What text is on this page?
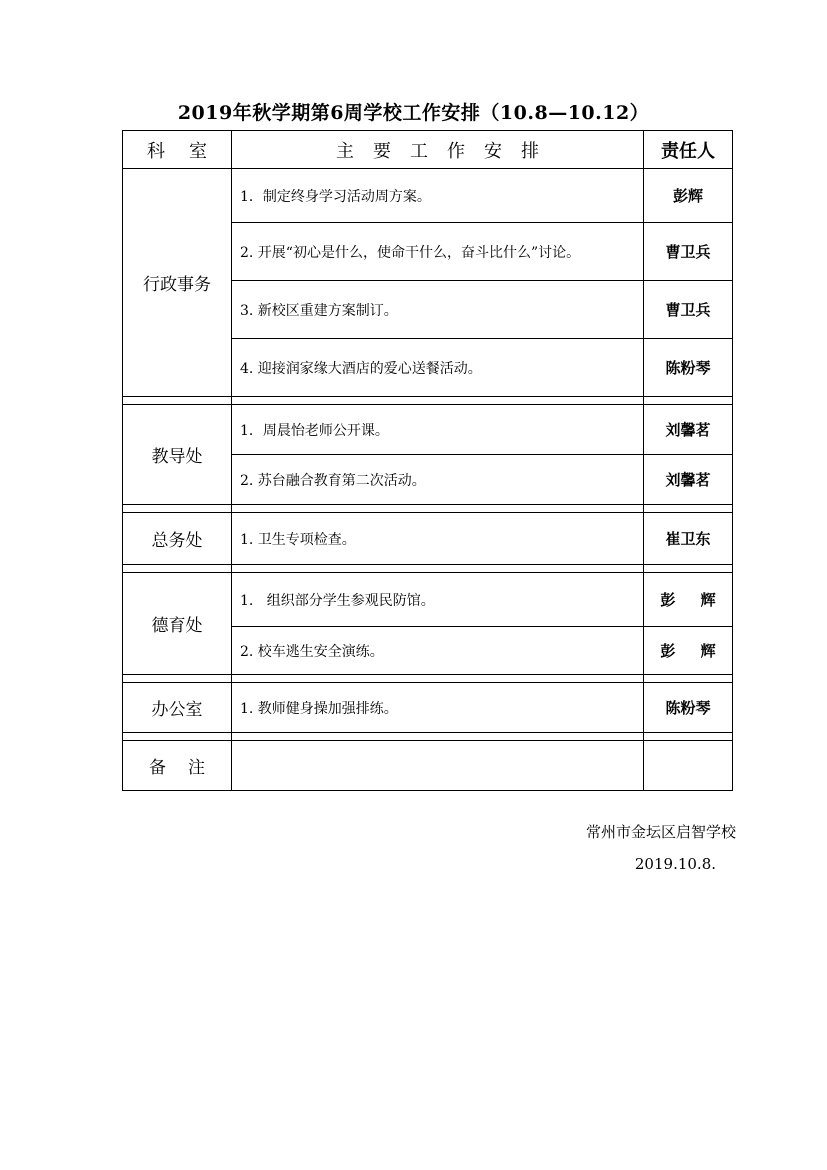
2019年秋学期第6周学校工作安排（10.8—10.12）
科室	主要工作安排	责任人
行政事务	1．制定终身学习活动周方案。	彭辉
	2. 开展“初心是什么，使命干什么，奋斗比什么”讨论。	曹卫兵
	3. 新校区重建方案制订。	曹卫兵
	4. 迎接润家缘大酒店的爱心送餐活动。	陈粉琴

教导处	1．周晨怡老师公开课。	刘馨茗
	2. 苏台融合教育第二次活动。	刘馨茗

总务处	1. 卫生专项检查。	崔卫东

德育处	1.   组织部分学生参观民防馆。	彭 辉
	2. 校车逃生安全演练。	彭 辉

办公室	1. 教师健身操加强排练。	陈粉琴

备注		
常州市金坛区启智学校
2019.10.8.
